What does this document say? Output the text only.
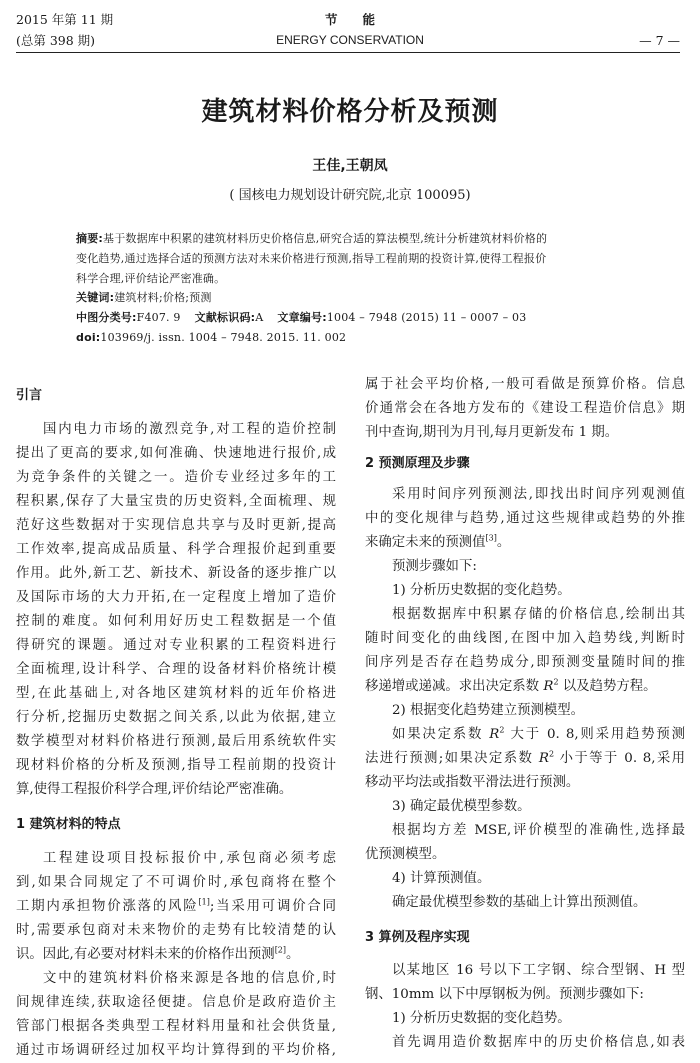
2015 年第 11 期
(总第 398 期)
节　　能
ENERGY CONSERVATION	— 7 —
建筑材料价格分析及预测
王佳,王朝凤
( 国核电力规划设计研究院,北京 100095)
摘要:基于数据库中积累的建筑材料历史价格信息,研究合适的算法模型,统计分析建筑材料价格的
变化趋势,通过选择合适的预测方法对未来价格进行预测,指导工程前期的投资计算,使得工程报价
科学合理,评价结论严密准确。
关键词:建筑材料;价格;预测
中图分类号:F407. 9 文献标识码:A 文章编号:1004 – 7948 (2015) 11 – 0007 – 03
doi:103969/j. issn. 1004 – 7948. 2015. 11. 002
引言
国内电力市场的激烈竞争,对工程的造价控制
提出了更高的要求,如何准确、快速地进行报价,成
为竞争条件的关键之一。造价专业经过多年的工
程积累,保存了大量宝贵的历史资料,全面梳理、规
范好这些数据对于实现信息共享与及时更新,提高
工作效率,提高成品质量、科学合理报价起到重要
作用。此外,新工艺、新技术、新设备的逐步推广以
及国际市场的大力开拓,在一定程度上增加了造价
控制的难度。如何利用好历史工程数据是一个值
得研究的课题。通过对专业积累的工程资料进行
全面梳理,设计科学、合理的设备材料价格统计模
型,在此基础上,对各地区建筑材料的近年价格进
行分析,挖掘历史数据之间关系,以此为依据,建立
数学模型对材料价格进行预测,最后用系统软件实
现材料价格的分析及预测,指导工程前期的投资计
算,使得工程报价科学合理,评价结论严密准确。
1 建筑材料的特点
工程建设项目投标报价中,承包商必须考虑
到,如果合同规定了不可调价时,承包商将在整个
工期内承担物价涨落的风险[1];当采用可调价合同
时,需要承包商对未来物价的走势有比较清楚的认
识。因此,有必要对材料未来的价格作出预测[2]。
文中的建筑材料价格来源是各地的信息价,时
间规律连续,获取途径便捷。信息价是政府造价主
管部门根据各类典型工程材料用量和社会供货量,
通过市场调研经过加权平均计算得到的平均价格,
属于社会平均价格,一般可看做是预算价格。信息
价通常会在各地方发布的《建设工程造价信息》期
刊中查询,期刊为月刊,每月更新发布 1 期。
2 预测原理及步骤
采用时间序列预测法,即找出时间序列观测值
中的变化规律与趋势,通过这些规律或趋势的外推
来确定未来的预测值[3]。
预测步骤如下:
1) 分析历史数据的变化趋势。
根据数据库中积累存储的价格信息,绘制出其
随时间变化的曲线图,在图中加入趋势线,判断时
间序列是否存在趋势成分,即预测变量随时间的推
移递增或递减。求出决定系数 $R^2$ 以及趋势方程。
2) 根据变化趋势建立预测模型。
如果决定系数 $R^2$ 大于 0. 8,则采用趋势预测
法进行预测;如果决定系数 $R^2$ 小于等于 0. 8,采用
移动平均法或指数平滑法进行预测。
3) 确定最优模型参数。
根据均方差 MSE,评价模型的准确性,选择最
优预测模型。
4) 计算预测值。
确定最优模型参数的基础上计算出预测值。
3 算例及程序实现
以某地区 16 号以下工字钢、综合型钢、H 型
钢、10mm 以下中厚钢板为例。预测步骤如下:
1) 分析历史数据的变化趋势。
首先调用造价数据库中的历史价格信息,如表
